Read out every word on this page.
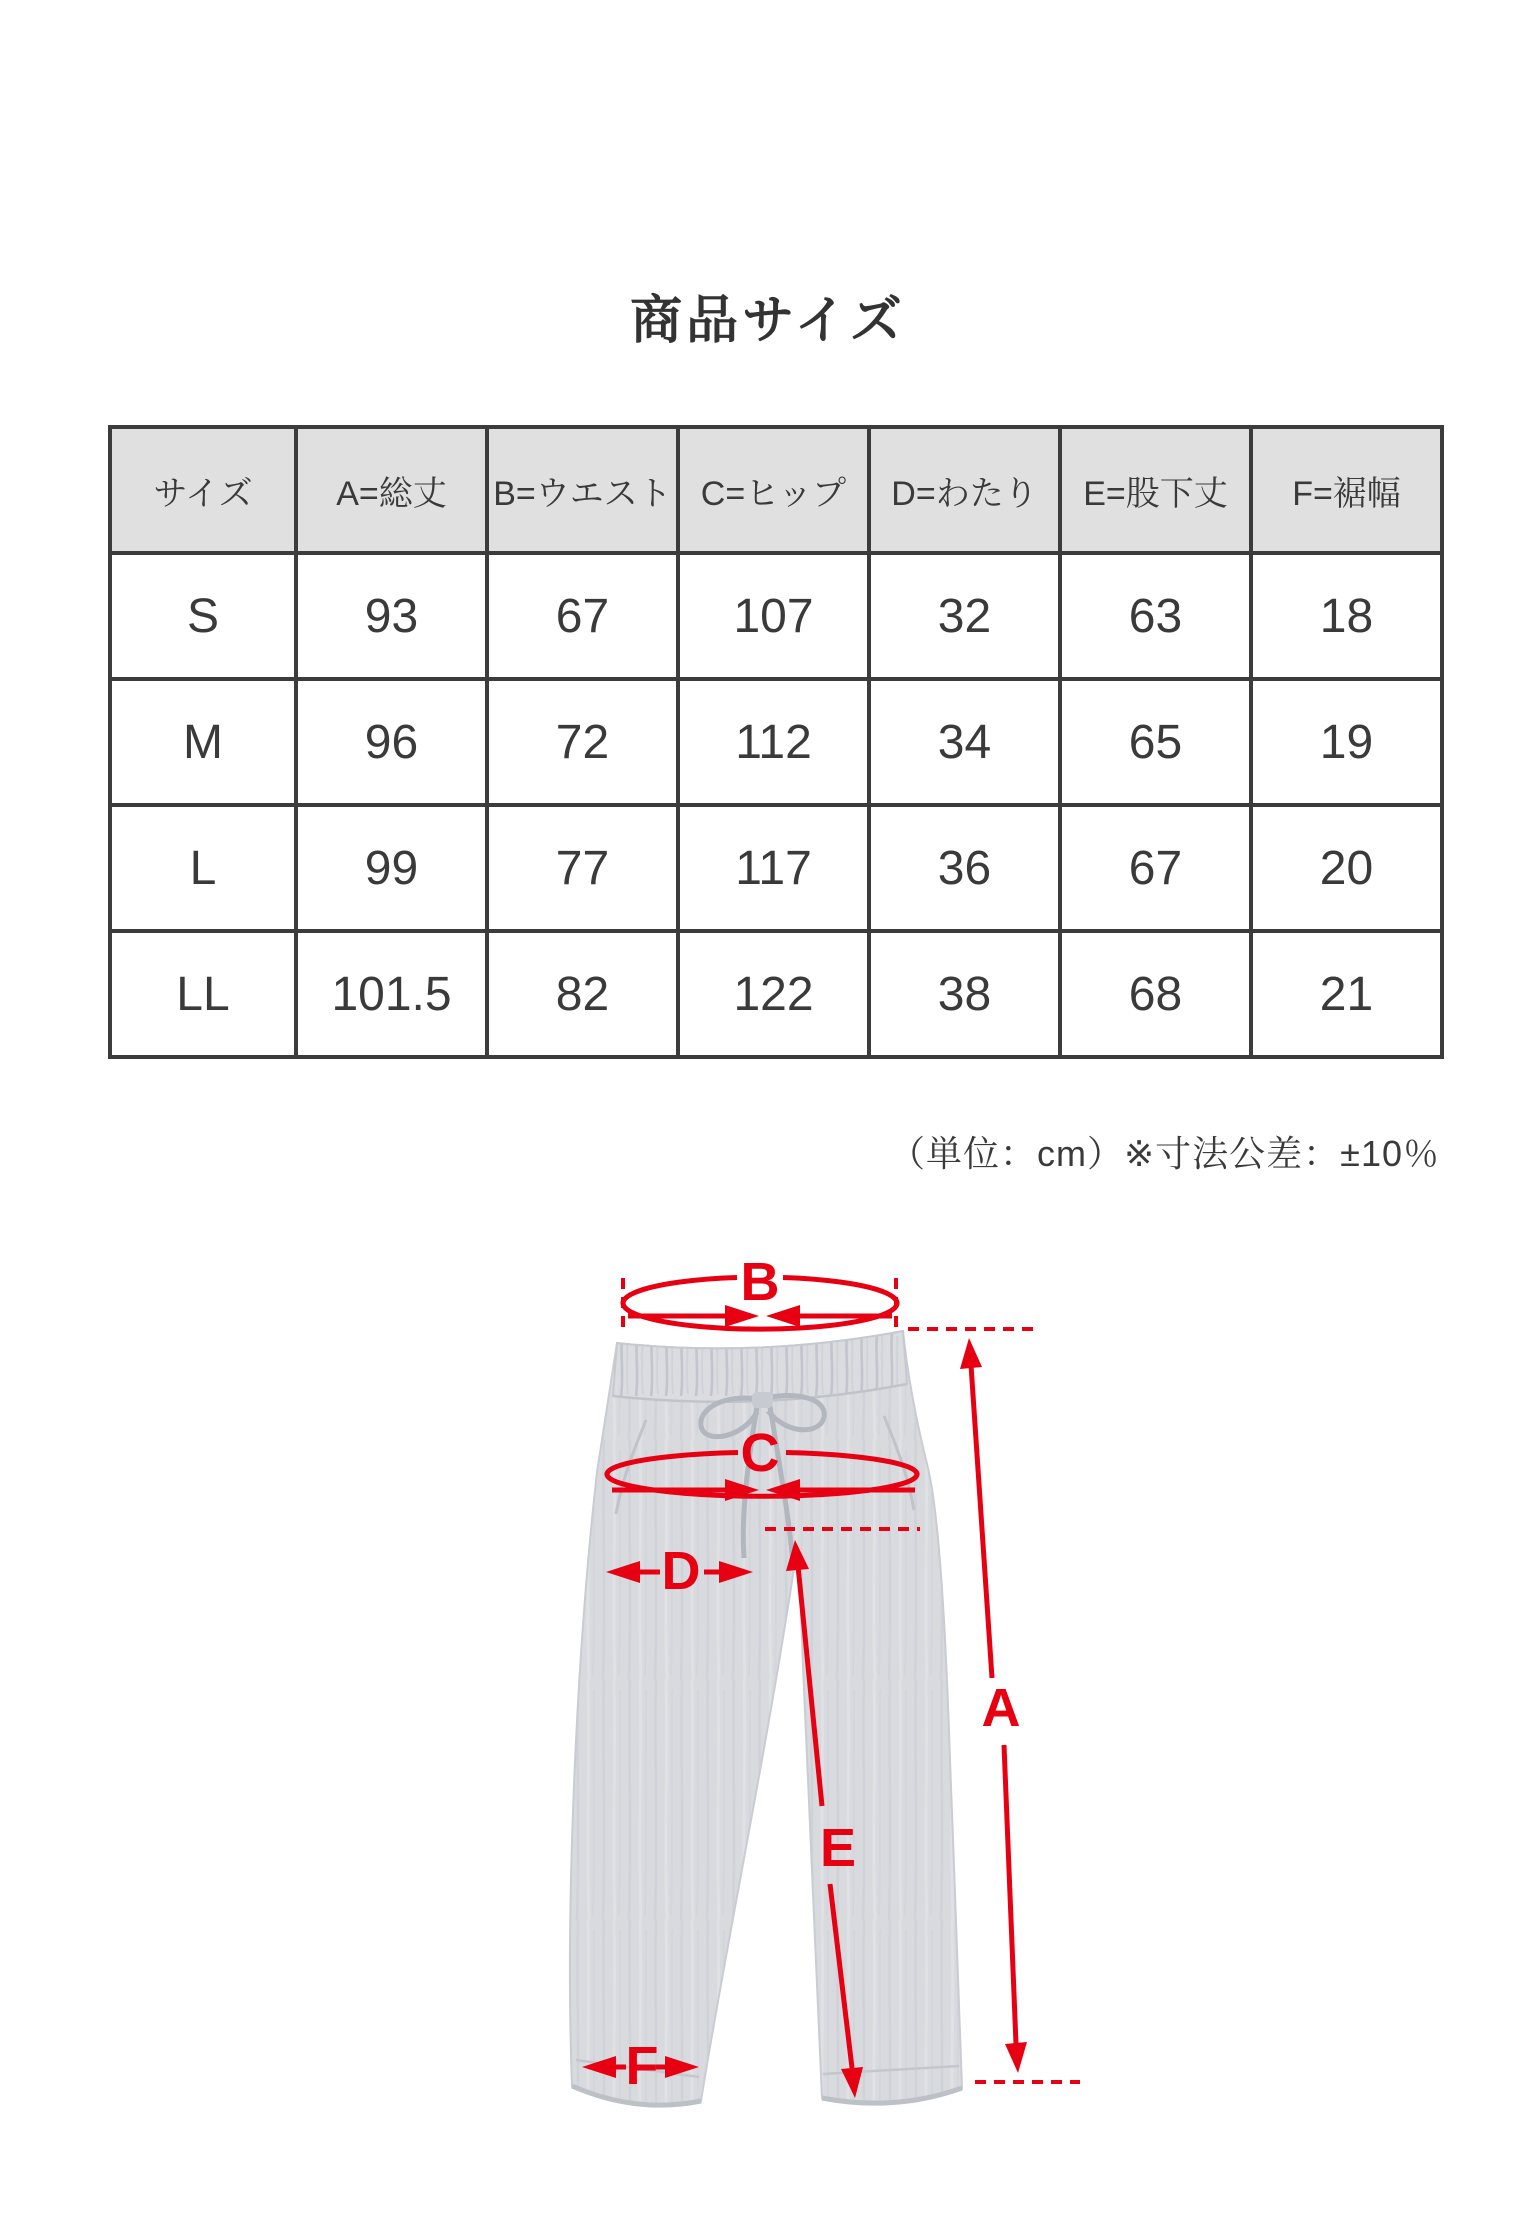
商品サイズ
サイズ	A=総丈	B=ウエスト	C=ヒップ	D=わたり	E=股下丈	F=裾幅
S	93	67	107	32	63	18
M	96	72	112	34	65	19
L	99	77	117	36	67	20
LL	101.5	82	122	38	68	21
（単位：cm）※寸法公差：±10％
B
C
D
E
A
F
